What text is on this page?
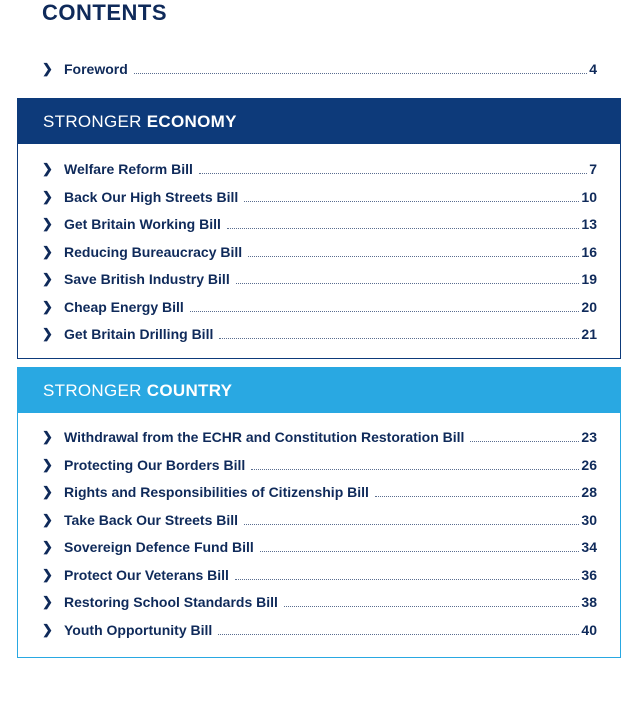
CONTENTS
❯ Foreword	4
STRONGER
ECONOMY
STRONGER
COUNTRY
❯ Welfare Reform Bill	7
❯ Back Our High Streets Bill	10
❯ Get Britain Working Bill	13
❯ Reducing Bureaucracy Bill	16
❯ Save British Industry Bill	19
❯ Cheap Energy Bill	20
❯ Get Britain Drilling Bill	21
❯ Withdrawal from the ECHR and Constitution Restoration Bill	23
❯ Protecting Our Borders Bill	26
❯ Rights and Responsibilities of Citizenship Bill	28
❯ Take Back Our Streets Bill	30
❯ Sovereign Defence Fund Bill	34
❯ Protect Our Veterans Bill	36
❯ Restoring School Standards Bill	38
❯ Youth Opportunity Bill	40
